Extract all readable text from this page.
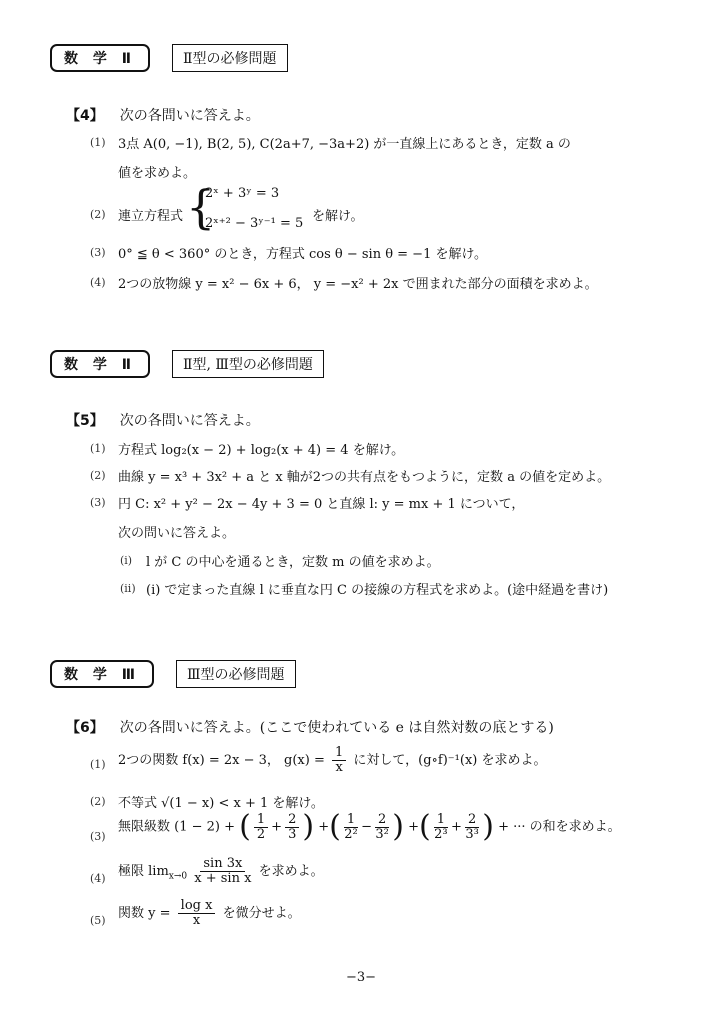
数 学 Ⅱ	Ⅱ型の必修問題
【4】 次の各問いに答えよ。
(1) 3点 A(0, −1), B(2, 5), C(2a+7, −3a+2) が一直線上にあるとき，定数 a の
値を求めよ。
(2) 連立方程式 {
2ˣ + 3ʸ = 3
2ˣ⁺² − 3ʸ⁻¹ = 5 を解け。
(3) 0° ≦ θ < 360° のとき，方程式 cos θ − sin θ = −1 を解け。
(4) 2つの放物線 y = x² − 6x + 6， y = −x² + 2x で囲まれた部分の面積を求めよ。
数 学 Ⅱ	Ⅱ型, Ⅲ型の必修問題
【5】 次の各問いに答えよ。
(1) 方程式 log₂(x − 2) + log₂(x + 4) = 4 を解け。
(2) 曲線 y = x³ + 3x² + a と x 軸が2つの共有点をもつように，定数 a の値を定めよ。
(3) 円 C: x² + y² − 2x − 4y + 3 = 0 と直線 l: y = mx + 1 について，
次の問いに答えよ。
(i) l が C の中心を通るとき，定数 m の値を求めよ。
(ii) (i) で定まった直線 l に垂直な円 C の接線の方程式を求めよ。(途中経過を書け)
数 学 Ⅲ	Ⅲ型の必修問題
【6】 次の各問いに答えよ。(ここで使われている e は自然対数の底とする)
(1) 2つの関数 f(x) = 2x − 3， $g(x) = \frac{1}{x}$ に対して，(g∘f)⁻¹(x) を求めよ。
(2) 不等式 √(1 − x) < x + 1 を解け。
(3)
無限級数 (1 − 2) + ( $\frac{1}{2} + \frac{2}{3}$ ) +( $\frac{1}{\text{2²}} - \frac{2}{\text{3²}}$ ) +( $\frac{1}{\text{2³}} + \frac{2}{\text{3³}}$ ) + ··· の和を求めよ。
(4) 極限 $\lim_{x\to 0} \frac{\sin 3x}{\text{x + sin x}}$ を求めよ。
(5) 関数 $y = \frac{\text{log x}}{x}$ を微分せよ。
−3−
